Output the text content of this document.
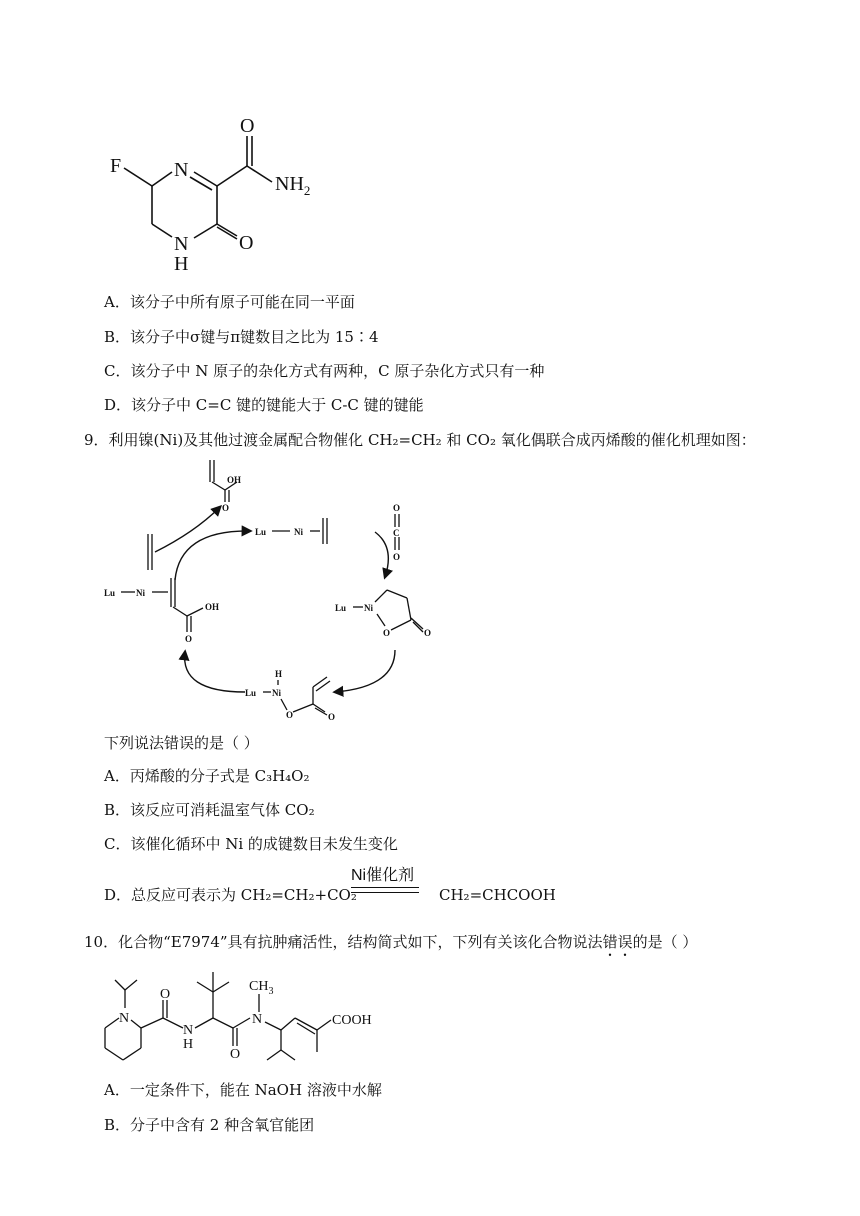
F	N
O
$NH_2$
N
H
O
A．该分子中所有原子可能在同一平面
B．该分子中σ键与π键数目之比为 15∶4
C．该分子中 N 原子的杂化方式有两种，C 原子杂化方式只有一种
D．该分子中 C=C 键的键能大于 C-C 键的键能
9．利用镍(Ni)及其他过渡金属配合物催化 CH₂=CH₂ 和 CO₂ 氧化偶联合成丙烯酸的催化机理如图：
OH
O
Lu	Ni
O
C
O
Lu Ni
O	O
Lu Ni
OH
O
Lu
H
Ni
O	O
下列说法错误的是（ ）
A．丙烯酸的分子式是 C₃H₄O₂
B．该反应可消耗温室气体 CO₂
C．该催化循环中 Ni 的成键数目未发生变化
D．总反应可表示为 CH₂=CH₂+CO₂
Ni催化剂
CH₂=CHCOOH
10．化合物“E7974”具有抗肿痛活性，结构简式如下，下列有关该化合物说法错误的是（ ）
N
O
N
H
O
N
$CH_3$
COOH
A．一定条件下，能在 NaOH 溶液中水解
B．分子中含有 2 种含氧官能团
